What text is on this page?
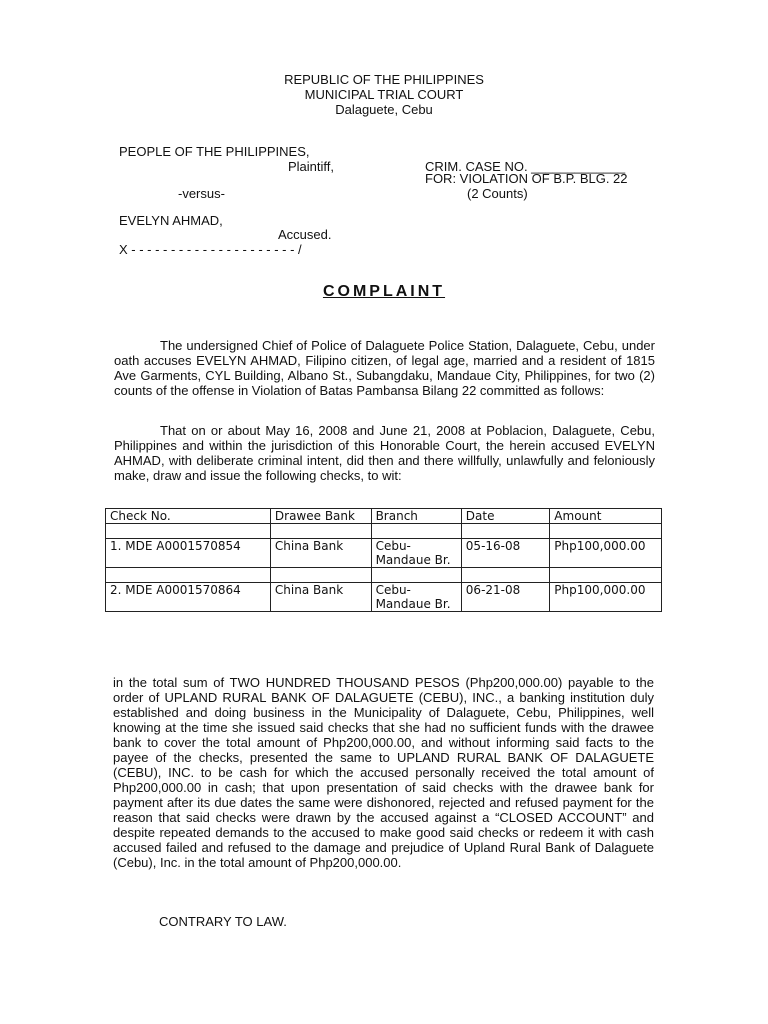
REPUBLIC OF THE PHILIPPINES
MUNICIPAL TRIAL COURT
Dalaguete, Cebu
PEOPLE OF THE PHILIPPINES,
Plaintiff,
-versus-
EVELYN AHMAD,
Accused.
X - - - - - - - - - - - - - - - - - - - - - /
CRIM. CASE NO. _____________
FOR: VIOLATION OF B.P. BLG. 22
(2 Counts)
COMPLAINT

The undersigned Chief of Police of Dalaguete Police Station, Dalaguete, Cebu, under oath accuses EVELYN AHMAD, Filipino citizen, of legal age, married and a resident of 1815 Ave Garments, CYL Building, Albano St., Subangdaku, Mandaue City, Philippines, for two (2) counts of the offense in Violation of Batas Pambansa Bilang 22 committed as follows:

That on or about May 16, 2008 and June 21, 2008 at Poblacion, Dalaguete, Cebu, Philippines and within the jurisdiction of this Honorable Court, the herein accused EVELYN AHMAD, with deliberate criminal intent, did then and there willfully, unlawfully and feloniously make, draw and issue the following checks, to wit:

Check No.	Drawee Bank	Branch	Date	Amount

1. MDE A0001570854	China Bank	Cebu-Mandaue Br.	05-16-08	Php100,000.00

2. MDE A0001570864	China Bank	Cebu-Mandaue Br.	06-21-08	Php100,000.00

in the total sum of TWO HUNDRED THOUSAND PESOS (Php200,000.00) payable to the order of UPLAND RURAL BANK OF DALAGUETE (CEBU), INC., a banking institution duly established and doing business in the Municipality of Dalaguete, Cebu, Philippines, well knowing at the time she issued said checks that she had no sufficient funds with the drawee bank to cover the total amount of Php200,000.00, and without informing said facts to the payee of the checks, presented the same to UPLAND RURAL BANK OF DALAGUETE (CEBU), INC. to be cash for which the accused personally received the total amount of Php200,000.00 in cash; that upon presentation of said checks with the drawee bank for payment after its due dates the same were dishonored, rejected and refused payment for the reason that said checks were drawn by the accused against a “CLOSED ACCOUNT” and despite repeated demands to the accused to make good said checks or redeem it with cash accused failed and refused to the damage and prejudice of Upland Rural Bank of Dalaguete (Cebu), Inc. in the total amount of Php200,000.00.

CONTRARY TO LAW.
